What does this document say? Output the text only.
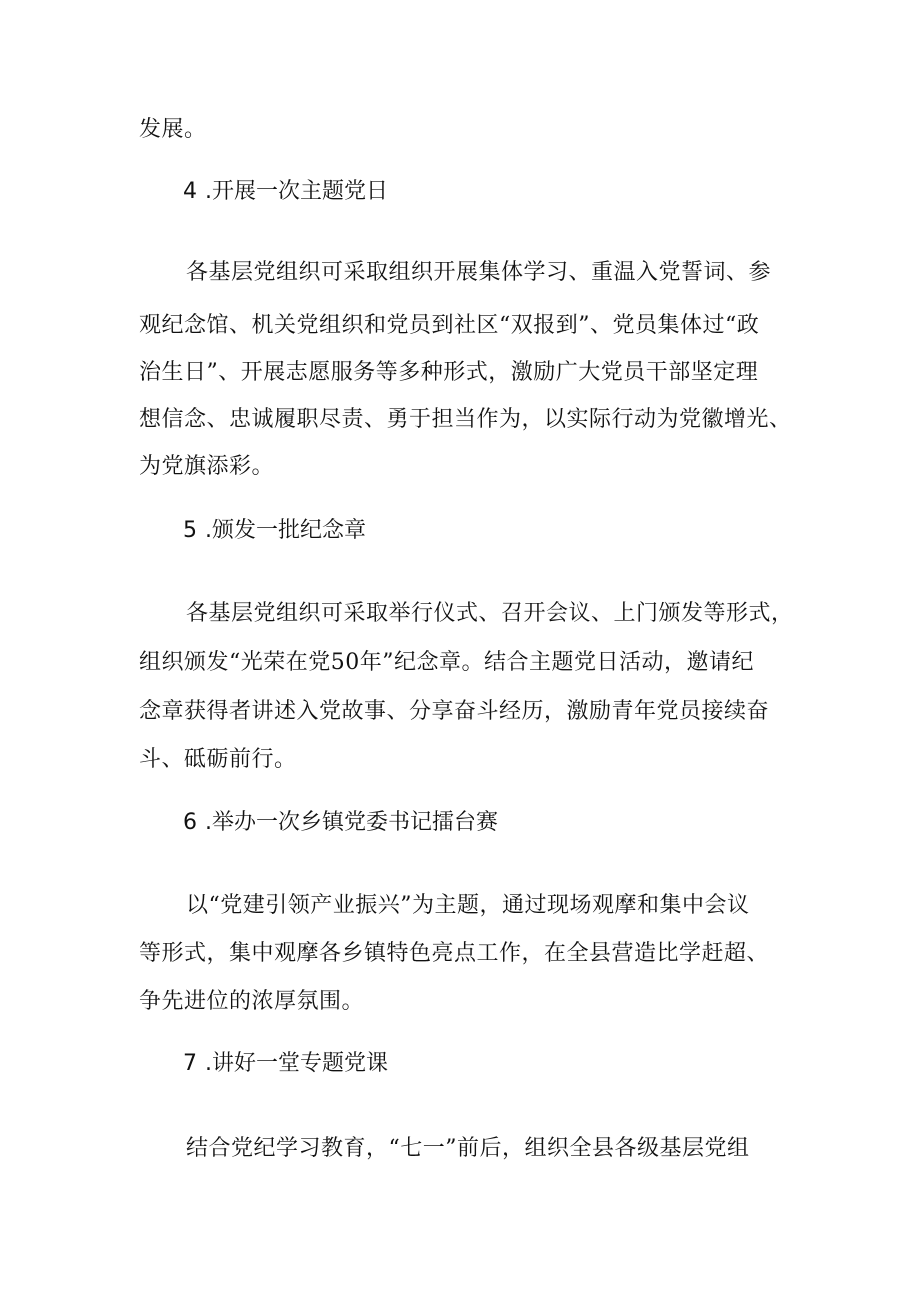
发展。
4 .开展一次主题党日
各基层党组织可采取组织开展集体学习、重温入党誓词、参
观纪念馆、机关党组织和党员到社区“双报到”、党员集体过“政
治生日”、开展志愿服务等多种形式，激励广大党员干部坚定理
想信念、忠诚履职尽责、勇于担当作为，以实际行动为党徽增光、
为党旗添彩。
5 .颁发一批纪念章
各基层党组织可采取举行仪式、召开会议、上门颁发等形式，
组织颁发“光荣在党50年”纪念章。结合主题党日活动，邀请纪
念章获得者讲述入党故事、分享奋斗经历，激励青年党员接续奋
斗、砥砺前行。
6 .举办一次乡镇党委书记擂台赛
以“党建引领产业振兴”为主题，通过现场观摩和集中会议
等形式，集中观摩各乡镇特色亮点工作，在全县营造比学赶超、
争先进位的浓厚氛围。
7 .讲好一堂专题党课
结合党纪学习教育，“七一”前后，组织全县各级基层党组
